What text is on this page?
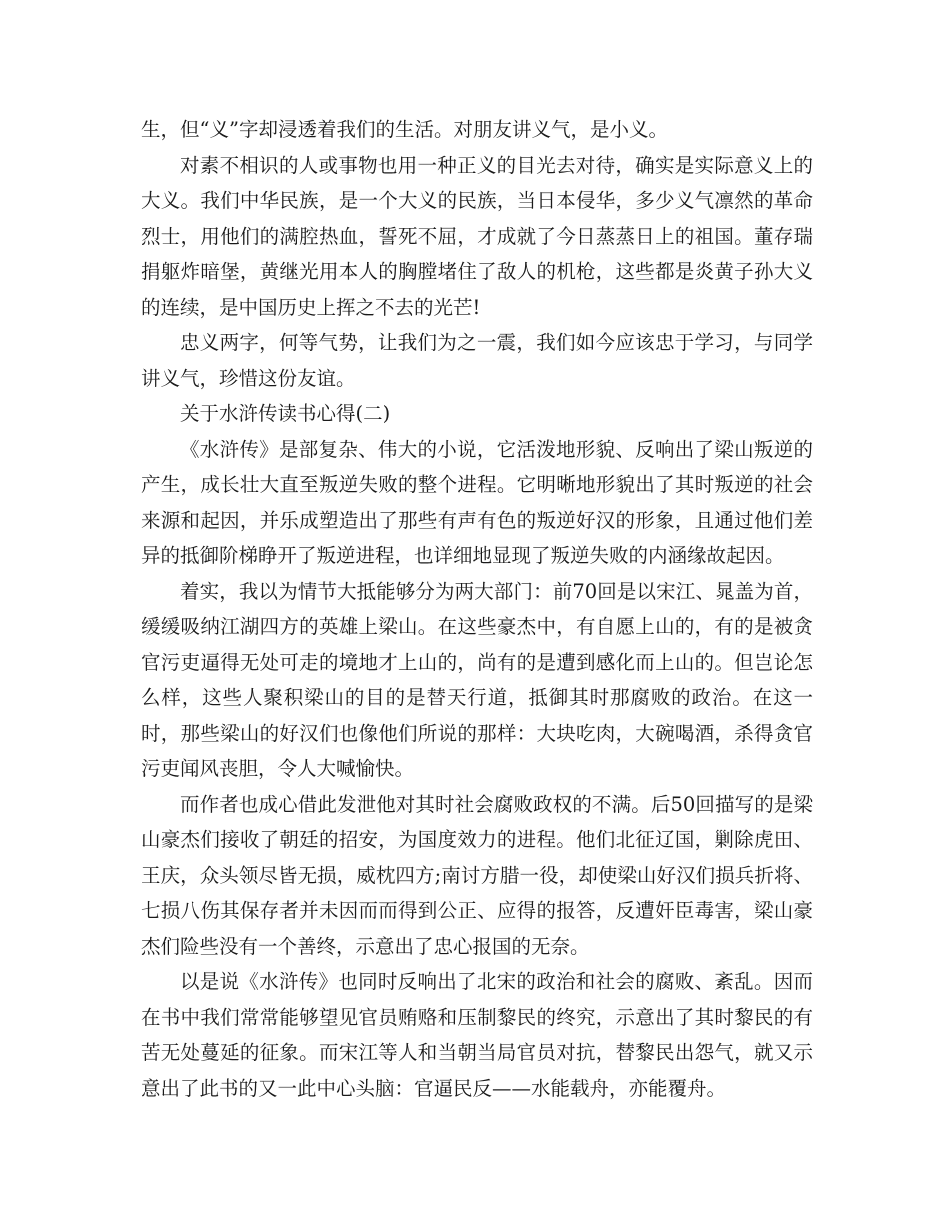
生，但“义”字却浸透着我们的生活。对朋友讲义气，是小义。

对素不相识的人或事物也用一种正义的目光去对待，确实是实际意义上的大义。我们中华民族，是一个大义的民族，当日本侵华，多少义气凛然的革命烈士，用他们的满腔热血，誓死不屈，才成就了今日蒸蒸日上的祖国。董存瑞捐躯炸暗堡，黄继光用本人的胸膛堵住了敌人的机枪，这些都是炎黄子孙大义的连续，是中国历史上挥之不去的光芒!

忠义两字，何等气势，让我们为之一震，我们如今应该忠于学习，与同学讲义气，珍惜这份友谊。

关于水浒传读书心得(二)

《水浒传》是部复杂、伟大的小说，它活泼地形貌、反响出了梁山叛逆的产生，成长壮大直至叛逆失败的整个进程。它明晰地形貌出了其时叛逆的社会来源和起因，并乐成塑造出了那些有声有色的叛逆好汉的形象，且通过他们差异的抵御阶梯睁开了叛逆进程，也详细地显现了叛逆失败的内涵缘故起因。

着实，我以为情节大抵能够分为两大部门：前70回是以宋江、晁盖为首，缓缓吸纳江湖四方的英雄上梁山。在这些豪杰中，有自愿上山的，有的是被贪官污吏逼得无处可走的境地才上山的，尚有的是遭到感化而上山的。但岂论怎么样，这些人聚积梁山的目的是替天行道，抵御其时那腐败的政治。在这一时，那些梁山的好汉们也像他们所说的那样：大块吃肉，大碗喝酒，杀得贪官污吏闻风丧胆，令人大喊愉快。

而作者也成心借此发泄他对其时社会腐败政权的不满。后50回描写的是梁山豪杰们接收了朝廷的招安，为国度效力的进程。他们北征辽国，剿除虎田、王庆，众头领尽皆无损，威枕四方;南讨方腊一役，却使梁山好汉们损兵折将、七损八伤其保存者并未因而而得到公正、应得的报答，反遭奸臣毒害，梁山豪杰们险些没有一个善终，示意出了忠心报国的无奈。

以是说《水浒传》也同时反响出了北宋的政治和社会的腐败、紊乱。因而在书中我们常常能够望见官员贿赂和压制黎民的终究，示意出了其时黎民的有苦无处蔓延的征象。而宋江等人和当朝当局官员对抗，替黎民出怨气，就又示意出了此书的又一此中心头脑：官逼民反——水能载舟，亦能覆舟。
